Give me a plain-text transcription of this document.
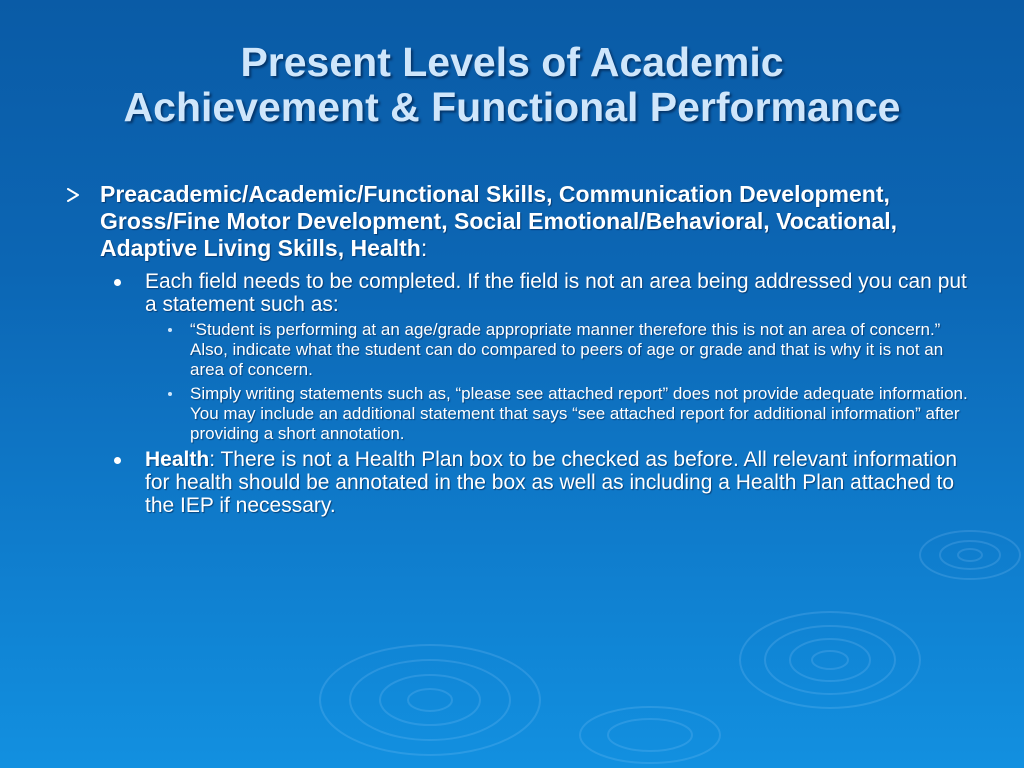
Present Levels of Academic
Achievement & Functional Performance
Preacademic/Academic/Functional Skills, Communication Development, Gross/Fine Motor Development, Social Emotional/Behavioral, Vocational, Adaptive Living Skills, Health:
Each field needs to be completed. If the field is not an area being addressed you can put a statement such as:
“Student is performing at an age/grade appropriate manner therefore this is not an area of concern.” Also, indicate what the student can do compared to peers of age or grade and that is why it is not an area of concern.
Simply writing statements such as, “please see attached report” does not provide adequate information. You may include an additional statement that says “see attached report for additional information” after providing a short annotation.
Health: There is not a Health Plan box to be checked as before. All relevant information for health should be annotated in the box as well as including a Health Plan attached to the IEP if necessary.
